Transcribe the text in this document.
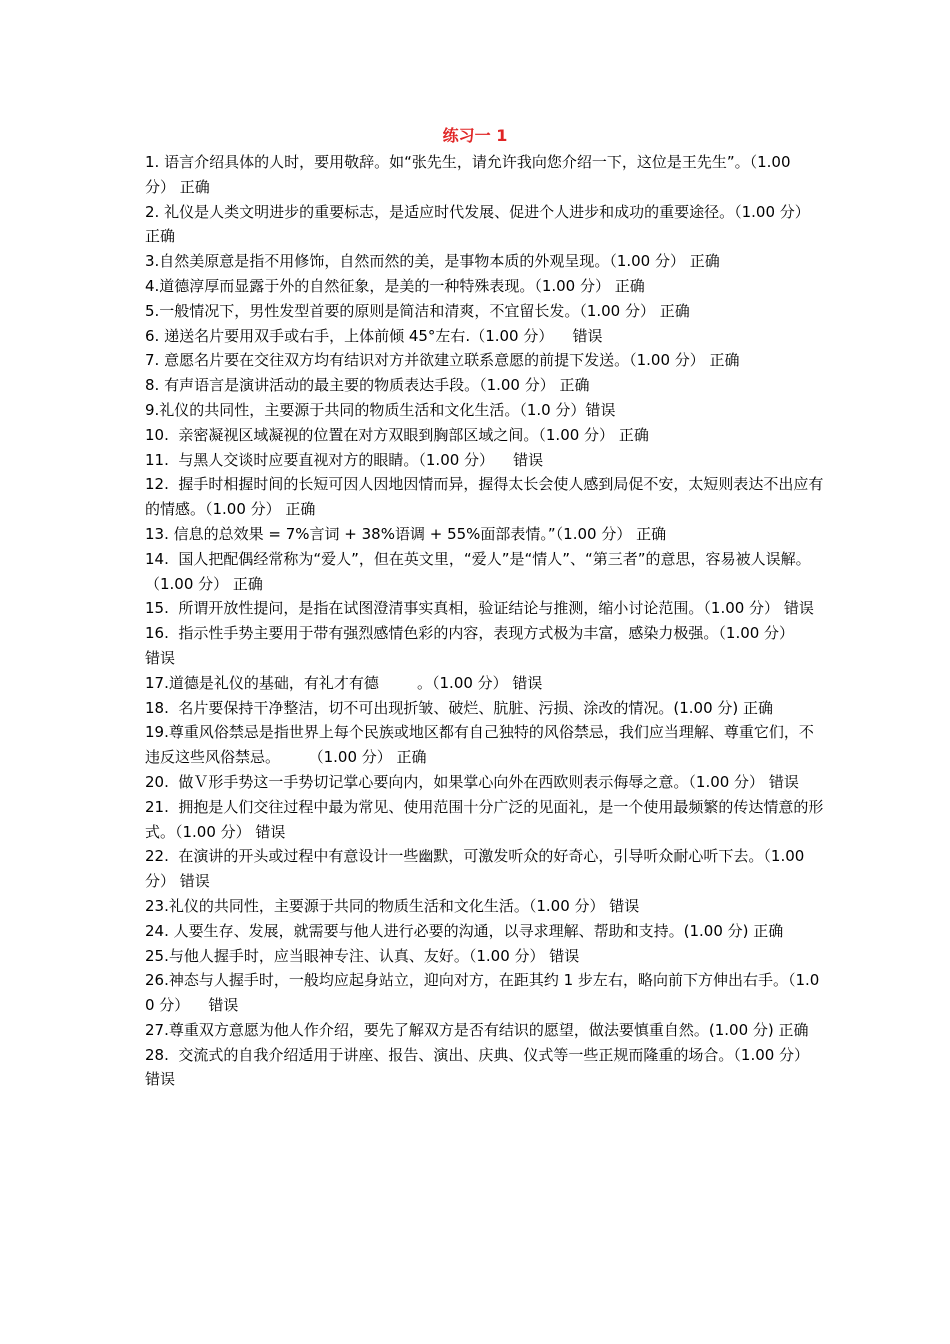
练习一 1

1. 语言介绍具体的人时，要用敬辞。如“张先生，请允许我向您介绍一下，这位是王先生”。（1.00 分） 正确

2. 礼仪是人类文明进步的重要标志，是适应时代发展、促进个人进步和成功的重要途径。（1.00 分） 正确

3.自然美原意是指不用修饰，自然而然的美，是事物本质的外观呈现。（1.00 分） 正确

4.道德淳厚而显露于外的自然征象，是美的一种特殊表现。（1.00 分） 正确

5.一般情况下，男性发型首要的原则是简洁和清爽，不宜留长发。（1.00 分） 正确

6. 递送名片要用双手或右手，上体前倾 45°左右.（1.00 分）    错误

7. 意愿名片要在交往双方均有结识对方并欲建立联系意愿的前提下发送。（1.00 分） 正确

8. 有声语言是演讲活动的最主要的物质表达手段。（1.00 分） 正确

9.礼仪的共同性，主要源于共同的物质生活和文化生活。（1.0 分）错误

10.  亲密凝视区域凝视的位置在对方双眼到胸部区域之间。（1.00 分） 正确

11.  与黑人交谈时应要直视对方的眼睛。（1.00 分）    错误

12.  握手时相握时间的长短可因人因地因情而异，握得太长会使人感到局促不安，太短则表达不出应有的情感。（1.00 分） 正确

13. 信息的总效果 = 7%言词 + 38%语调 + 55%面部表情。”（1.00 分） 正确

14.  国人把配偶经常称为“爱人”，但在英文里，“爱人”是“情人”、“第三者”的意思，容易被人误解。（1.00 分） 正确

15.  所谓开放性提问，是指在试图澄清事实真相，验证结论与推测，缩小讨论范围。（1.00 分） 错误

16.  指示性手势主要用于带有强烈感情色彩的内容，表现方式极为丰富，感染力极强。（1.00 分）    错误

17.道德是礼仪的基础，有礼才有德        。（1.00 分） 错误

18.  名片要保持干净整洁，切不可出现折皱、破烂、肮脏、污损、涂改的情况。(1.00 分) 正确

19.尊重风俗禁忌是指世界上每个民族或地区都有自己独特的风俗禁忌，我们应当理解、尊重它们，不违反这些风俗禁忌。      （1.00 分） 正确

20.  做Ｖ形手势这一手势切记掌心要向内，如果掌心向外在西欧则表示侮辱之意。（1.00 分） 错误

21.  拥抱是人们交往过程中最为常见、使用范围十分广泛的见面礼，是一个使用最频繁的传达情意的形式。（1.00 分） 错误

22.  在演讲的开头或过程中有意设计一些幽默，可激发听众的好奇心，引导听众耐心听下去。（1.00 分） 错误

23.礼仪的共同性，主要源于共同的物质生活和文化生活。（1.00 分） 错误

24. 人要生存、发展，就需要与他人进行必要的沟通，以寻求理解、帮助和支持。(1.00 分) 正确

25.与他人握手时，应当眼神专注、认真、友好。（1.00 分） 错误

26.神态与人握手时，一般均应起身站立，迎向对方，在距其约 1 步左右，略向前下方伸出右手。（1.00 分）    错误

27.尊重双方意愿为他人作介绍，要先了解双方是否有结识的愿望，做法要慎重自然。(1.00 分) 正确

28.  交流式的自我介绍适用于讲座、报告、演出、庆典、仪式等一些正规而隆重的场合。（1.00 分） 错误
